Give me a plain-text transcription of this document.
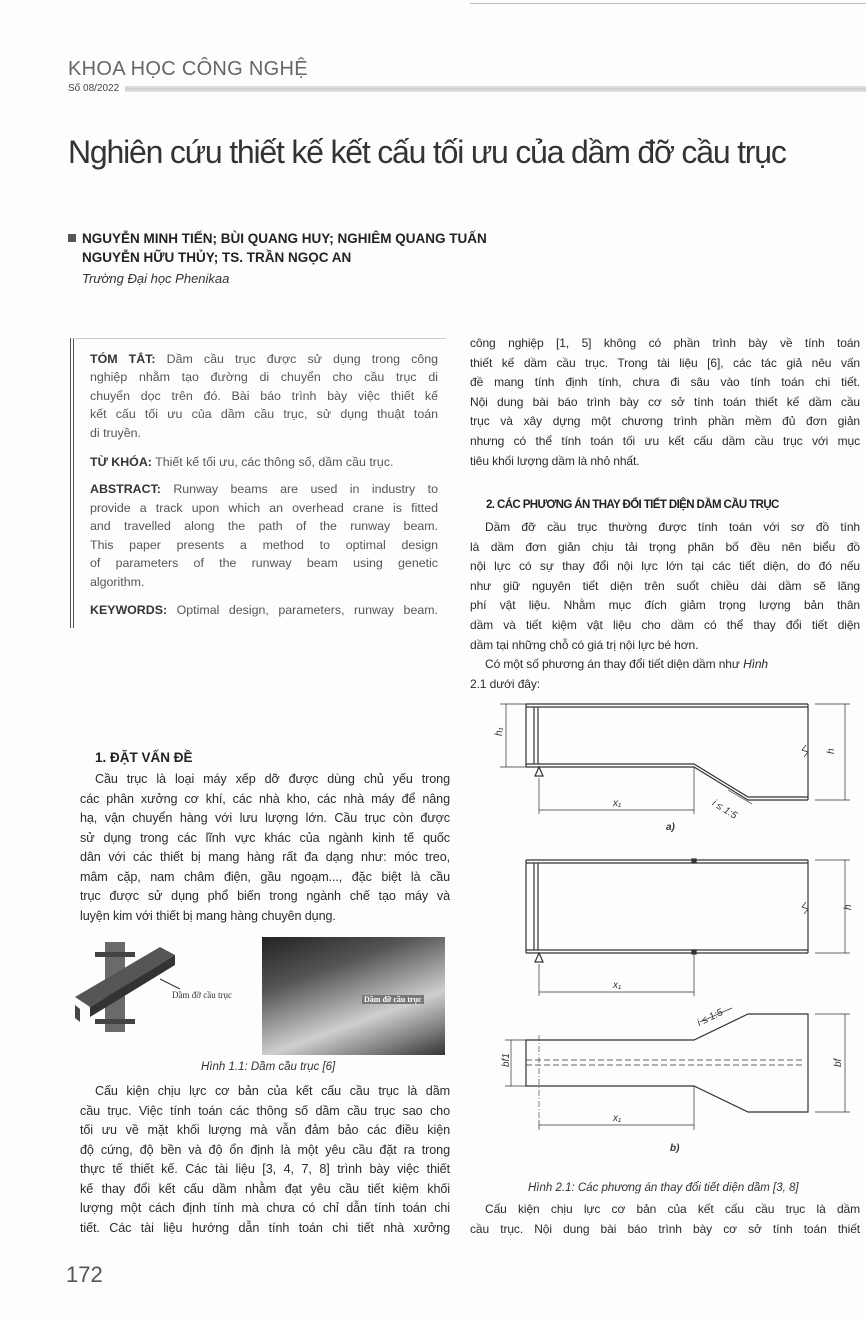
KHOA HỌC CÔNG NGHỆ
Số 08/2022
Nghiên cứu thiết kế kết cấu tối ưu của dầm đỡ cầu trục
NGUYỄN MINH TIẾN; BÙI QUANG HUY; NGHIÊM QUANG TUẤN
NGUYỄN HỮU THỦY; TS. TRẦN NGỌC AN
Trường Đại học Phenikaa
TÓM TẮT: Dầm cầu trục được sử dụng trong công
nghiệp nhằm tạo đường di chuyển cho cầu trục di
chuyển dọc trên đó. Bài báo trình bày việc thiết kế
kết cấu tối ưu của dầm cầu trục, sử dụng thuật toán
di truyền.
TỪ KHÓA: Thiết kế tối ưu, các thông số, dầm cầu trục.
ABSTRACT: Runway beams are used in industry to
provide a track upon which an overhead crane is fitted
and travelled along the path of the runway beam.
This paper presents a method to optimal design
of parameters of the runway beam using genetic
algorithm.
KEYWORDS: Optimal design, parameters, runway beam.
1. ĐẶT VẤN ĐỀ
Cầu trục là loại máy xếp dỡ được dùng chủ yếu trong
các phân xưởng cơ khí, các nhà kho, các nhà máy để nâng
hạ, vận chuyển hàng với lưu lượng lớn. Cầu trục còn được
sử dụng trong các lĩnh vực khác của ngành kinh tế quốc
dân với các thiết bị mang hàng rất đa dạng như: móc treo,
mâm cặp, nam châm điện, gầu ngoạm..., đặc biệt là cầu
trục được sử dụng phổ biến trong ngành chế tạo máy và
luyện kim với thiết bị mang hàng chuyên dụng.
Dầm đỡ cầu trục	Dầm đỡ cầu trục
Hình 1.1: Dầm cầu trục [6]
Cấu kiện chịu lực cơ bản của kết cấu cầu trục là dầm
cầu trục. Việc tính toán các thông số dầm cầu trục sao cho
tối ưu về mặt khối lượng mà vẫn đảm bảo các điều kiện
độ cứng, độ bền và độ ổn định là một yêu cầu đặt ra trong
thực tế thiết kế. Các tài liệu [3, 4, 7, 8] trình bày việc thiết
kế thay đổi kết cấu dầm nhằm đạt yêu cầu tiết kiệm khối
lượng một cách định tính mà chưa có chỉ dẫn tính toán chi
tiết. Các tài liệu hướng dẫn tính toán chi tiết nhà xưởng
172
công nghiệp [1, 5] không có phần trình bày về tính toán
thiết kế dầm cầu trục. Trong tài liệu [6], các tác giả nêu vấn
đề mang tính định tính, chưa đi sâu vào tính toán chi tiết.
Nội dung bài báo trình bày cơ sở tính toán thiết kế dầm cầu
trục và xây dựng một chương trình phần mềm đủ đơn giản
nhưng có thể tính toán tối ưu kết cấu dầm cầu trục với mục
tiêu khối lượng dầm là nhỏ nhất.
2. CÁC PHƯƠNG ÁN THAY ĐỔI TIẾT DIỆN DẦM CẦU TRỤC
Dầm đỡ cầu trục thường được tính toán với sơ đồ tính
là dầm đơn giản chịu tải trọng phân bố đều nên biểu đồ
nội lực có sự thay đổi nội lực lớn tại các tiết diện, do đó nếu
như giữ nguyên tiết diện trên suốt chiều dài dầm sẽ lãng
phí vật liệu. Nhằm mục đích giảm trọng lượng bản thân
dầm và tiết kiệm vật liệu cho dầm có thể thay đổi tiết diện
dầm tại những chỗ có giá trị nội lực bé hơn.
Có một số phương án thay đổi tiết diện dầm như Hình
2.1 dưới đây:
h₁
h
x₁	i ≤ 1:5
a)
h
x₁
bf1	bf
x₁
i ≤ 1:5
b)
Hình 2.1: Các phương án thay đổi tiết diện dầm [3, 8]
Cấu kiện chịu lực cơ bản của kết cấu cầu trục là dầm
cầu trục. Nội dung bài báo trình bày cơ sở tính toán thiết
